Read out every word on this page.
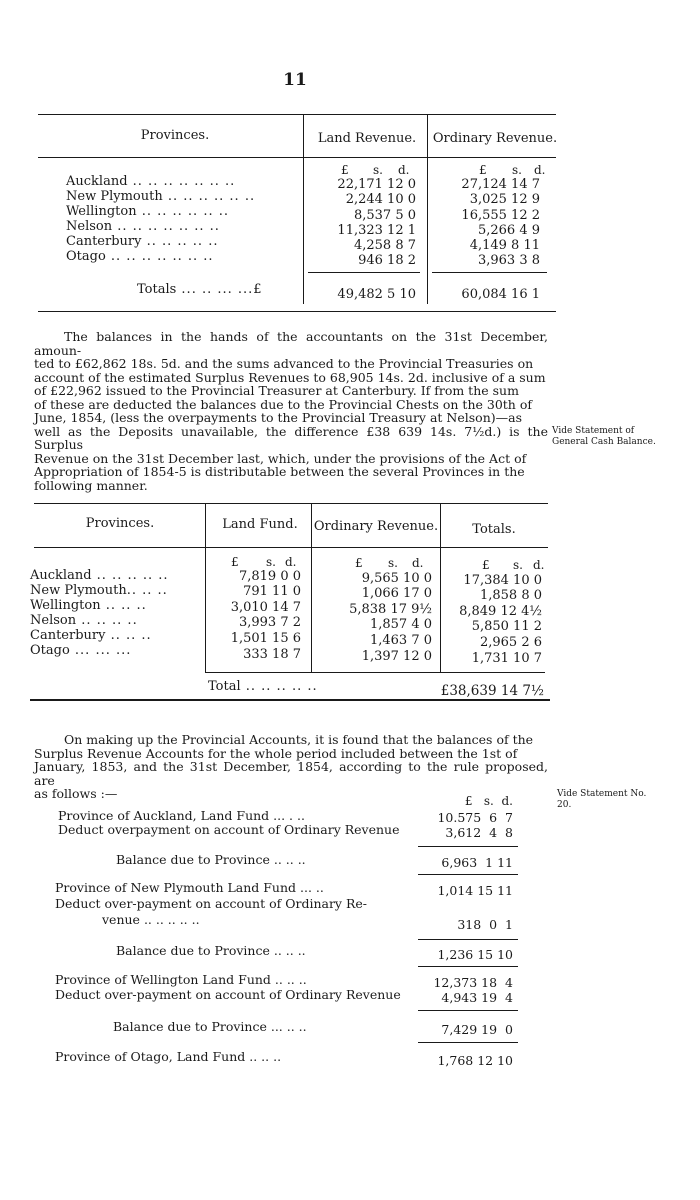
11
Provinces.	Land Revenue.	Ordinary Revenue.
£ s. d.	£ s. d.
Auckland .. .. .. .. .. .. ..	22,171 12 0	27,124 14 7
New Plymouth .. .. .. .. .. ..	2,244 10 0	3,025 12 9
Wellington .. .. .. .. .. ..	8,537 5 0	16,555 12 2
Nelson .. .. .. .. .. .. ..	11,323 12 1	5,266 4 9
Canterbury .. .. .. .. ..	4,258 8 7	4,149 8 11
Otago .. .. .. .. .. .. ..	946 18 2	3,963 3 8
Totals ... .. ... ...£	49,482 5 10	60,084 16 1
The balances in the hands of the accountants on the 31st December, amoun-
ted to £62,862 18s. 5d. and the sums advanced to the Provincial Treasuries on
account of the estimated Surplus Revenues to 68,905 14s. 2d. inclusive of a sum
of £22,962 issued to the Provincial Treasurer at Canterbury. If from the sum
of these are deducted the balances due to the Provincial Chests on the 30th of
June, 1854, (less the overpayments to the Provincial Treasury at Nelson)—as
well as the Deposits unavailable, the difference £38 639 14s. 7½d.) is the Surplus
Revenue on the 31st December last, which, under the provisions of the Act of
Appropriation of 1854-5 is distributable between the several Provinces in the
following manner.
Vide Statement of
General Cash Balance.
Provinces.	Land Fund.	Ordinary Revenue.	Totals.
£ s. d.	£ s. d.	£ s. d.
Auckland .. .. .. .. ..	7,819 0 0	9,565 10 0	17,384 10 0
New Plymouth.. .. ..	791 11 0	1,066 17 0	1,858 8 0
Wellington .. .. ..	3,010 14 7	5,838 17 9½	8,849 12 4½
Nelson .. .. .. ..	3,993 7 2	1,857 4 0	5,850 11 2
Canterbury .. .. ..	1,501 15 6	1,463 7 0	2,965 2 6
Otago ... ... ...	333 18 7	1,397 12 0	1,731 10 7
Total .. .. .. .. ..	£38,639 14 7½
On making up the Provincial Accounts, it is found that the balances of the
Surplus Revenue Accounts for the whole period included between the 1st of
January, 1853, and the 31st December, 1854, according to the rule proposed, are
as follows :—	Vide Statement No.
20.
£   s.  d.
Province of Auckland, Land Fund ... . ..	10.575  6  7
Deduct overpayment on account of Ordinary Revenue	3,612  4  8
Balance due to Province .. .. ..	6,963  1 11
Province of New Plymouth Land Fund ... ..	1,014 15 11
Deduct over-payment on account of Ordinary Re-
venue .. .. .. .. ..	318  0  1
Balance due to Province .. .. ..	1,236 15 10
Province of Wellington Land Fund .. .. ..	12,373 18  4
Deduct over-payment on account of Ordinary Revenue	4,943 19  4
Balance due to Province ... .. ..	7,429 19  0
Province of Otago, Land Fund .. .. ..	1,768 12 10
